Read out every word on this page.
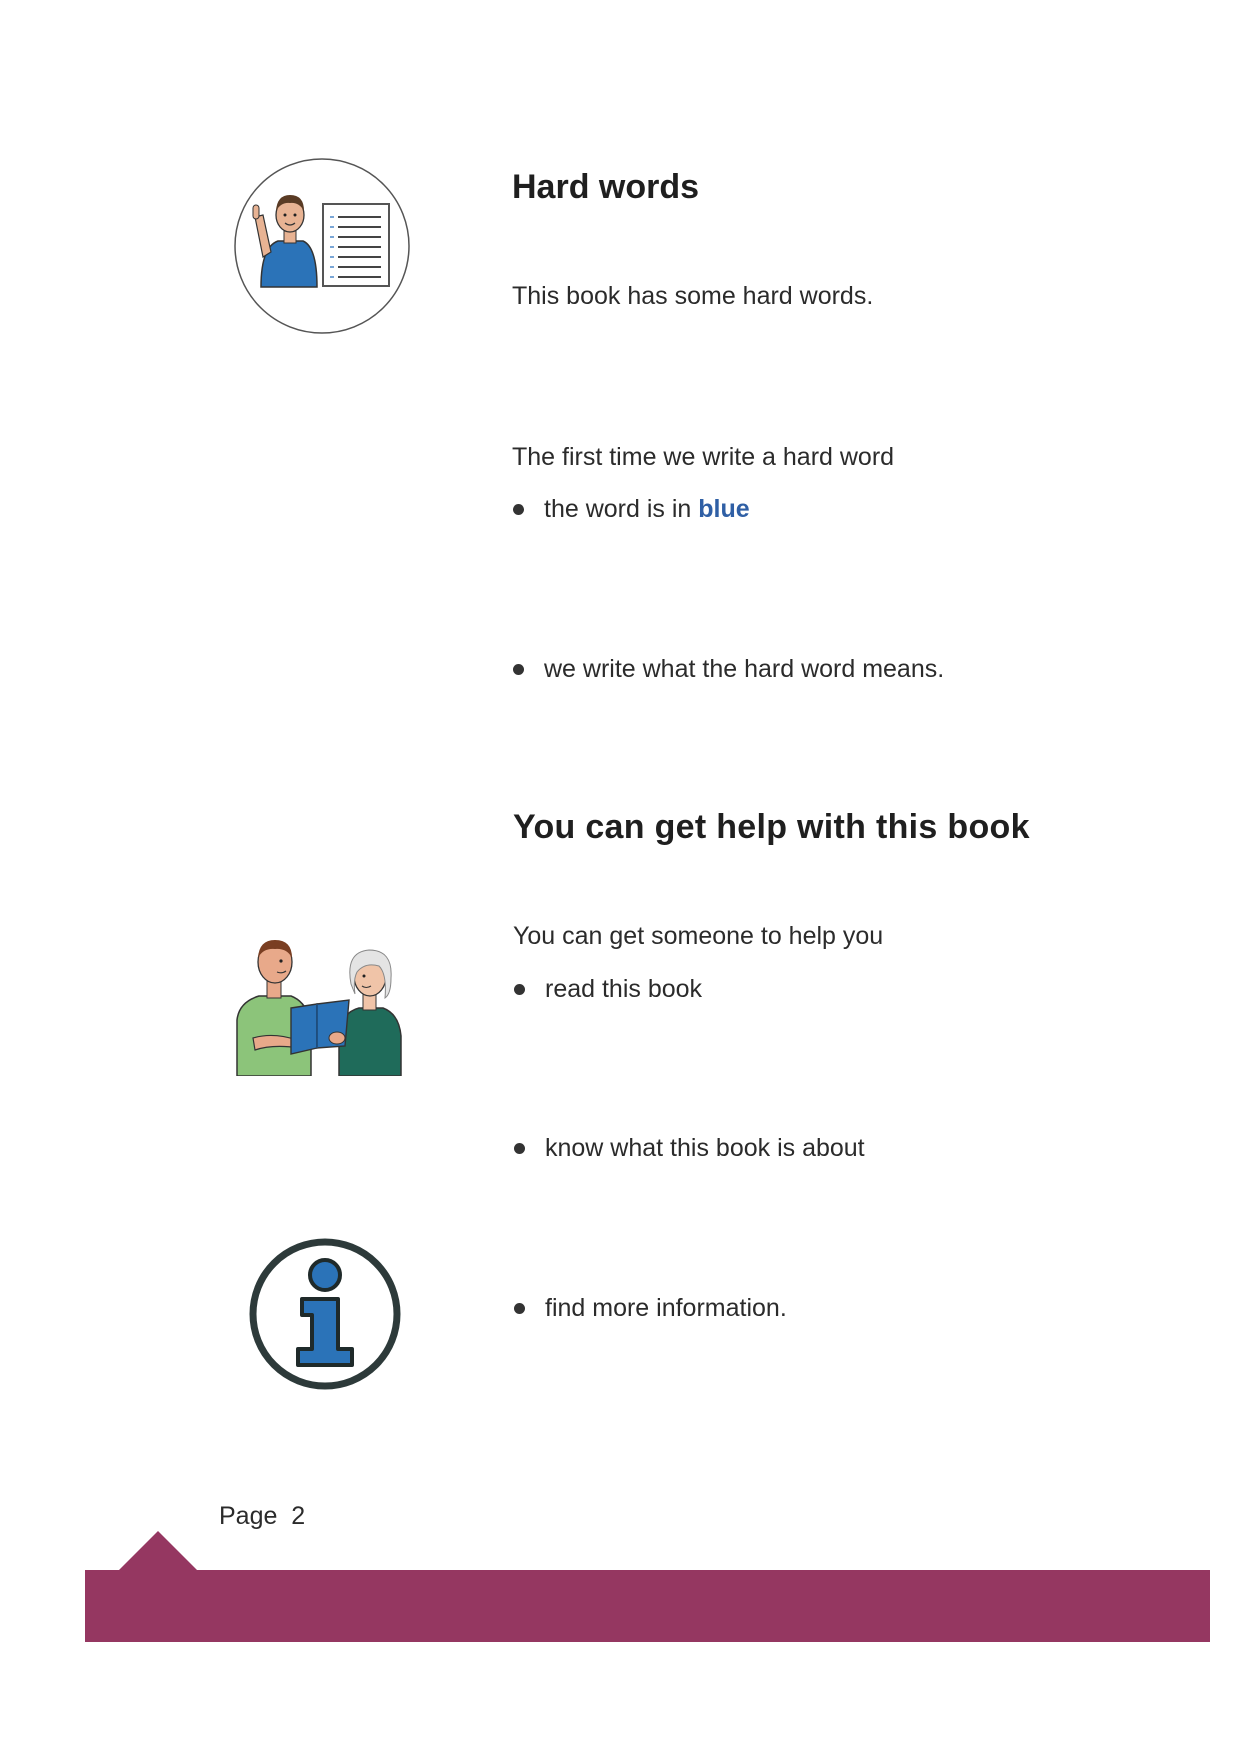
Hard words

This book has some hard words.

The first time we write a hard word

the word is in blue
we write what the hard word means.
You can get help with this book

You can get someone to help you

read this book
know what this book is about
find more information.
Page  2
